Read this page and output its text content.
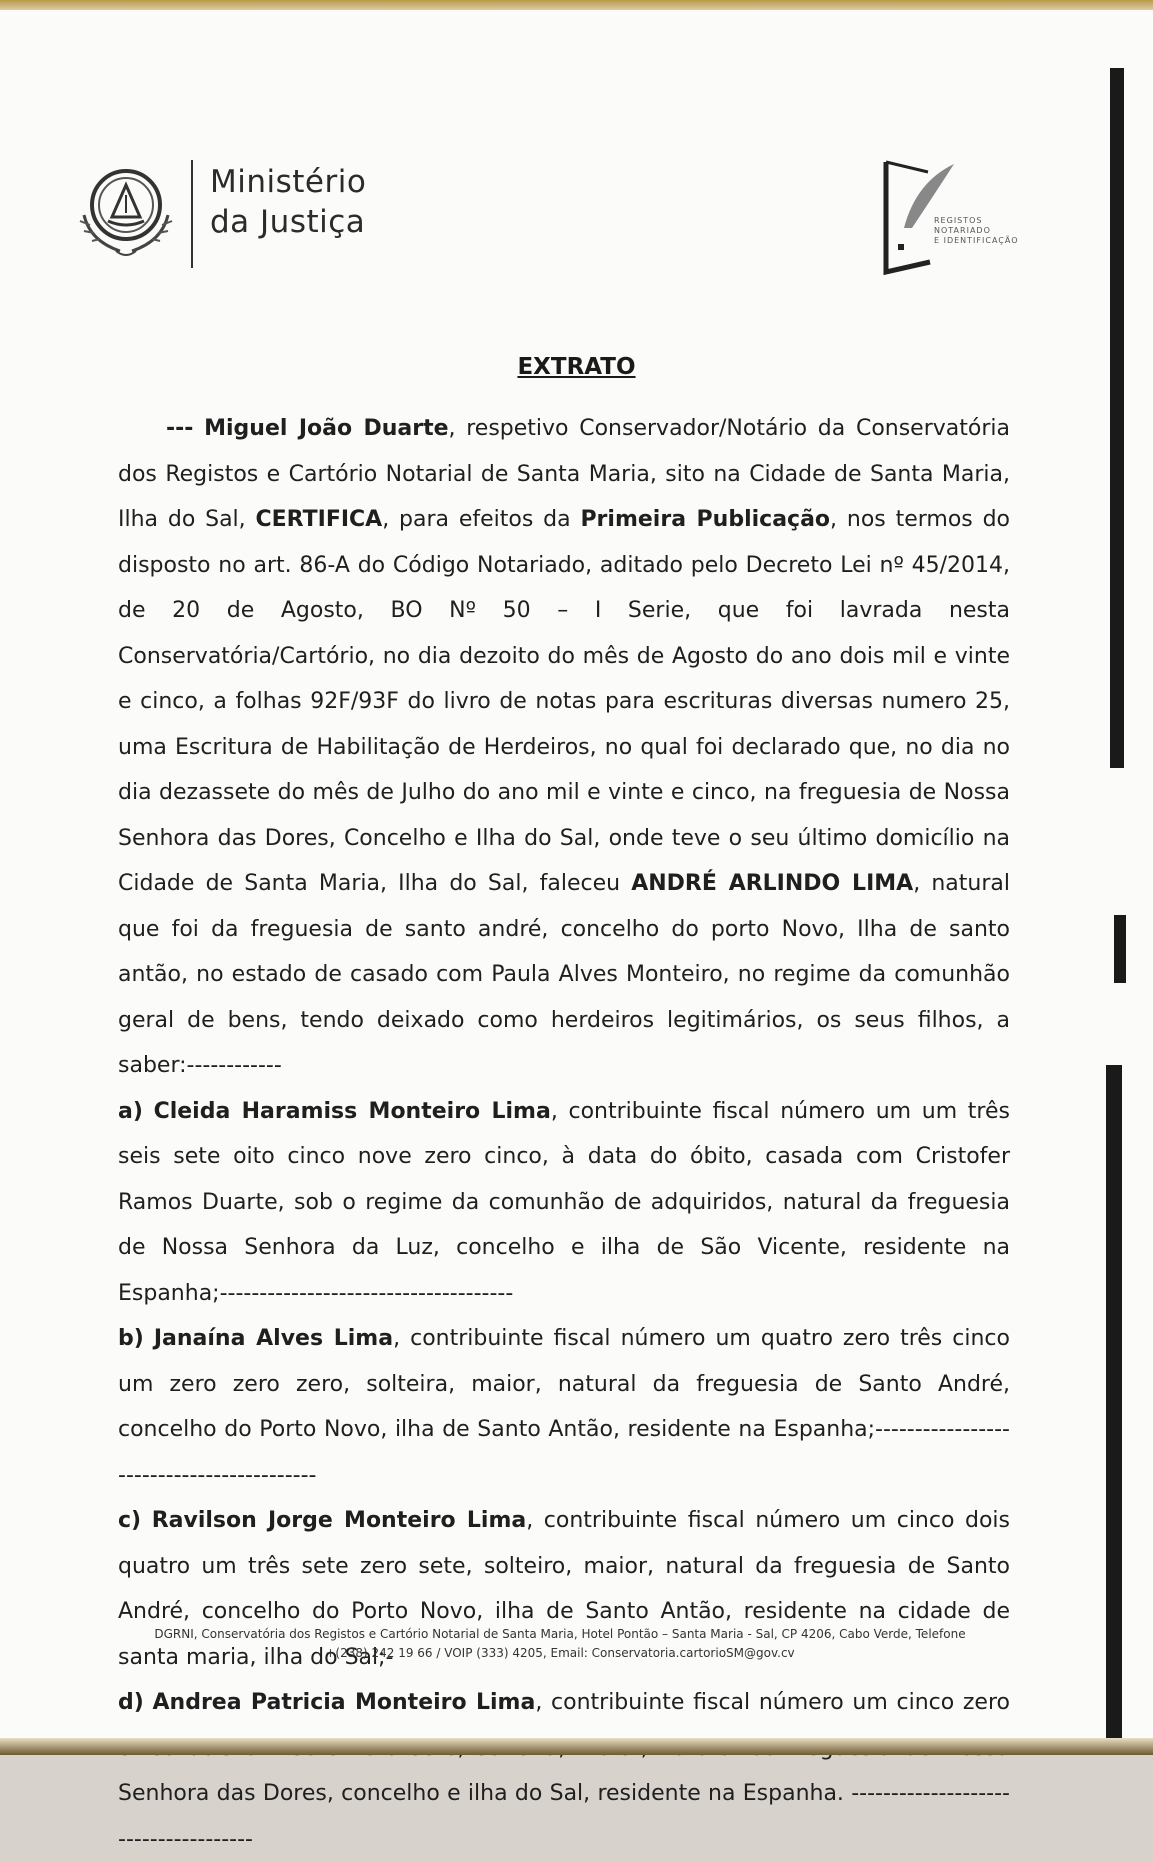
Ministério
da Justiça	REGISTOS
NOTARIADO
E IDENTIFICAÇÃO
EXTRATO

--- Miguel João Duarte, respetivo Conservador/Notário da Conservatória dos Registos e Cartório Notarial de Santa Maria, sito na Cidade de Santa Maria, Ilha do Sal, CERTIFICA, para efeitos da Primeira Publicação, nos termos do disposto no art. 86-A do Código Notariado, aditado pelo Decreto Lei nº 45/2014, de 20 de Agosto, BO Nº 50 – I Serie, que foi lavrada nesta Conservatória/Cartório, no dia dezoito do mês de Agosto do ano dois mil e vinte e cinco, a folhas 92F/93F do livro de notas para escrituras diversas numero 25, uma Escritura de Habilitação de Herdeiros, no qual foi declarado que, no dia no dia dezassete do mês de Julho do ano mil e vinte e cinco, na freguesia de Nossa Senhora das Dores, Concelho e Ilha do Sal, onde teve o seu último domicílio na Cidade de Santa Maria, Ilha do Sal, faleceu ANDRÉ ARLINDO LIMA, natural que foi da freguesia de santo andré, concelho do porto Novo, Ilha de santo antão, no estado de casado com Paula Alves Monteiro, no regime da comunhão geral de bens, tendo deixado como herdeiros legitimários, os seus filhos, a saber:------------

a) Cleida Haramiss Monteiro Lima, contribuinte fiscal número um um três seis sete oito cinco nove zero cinco, à data do óbito, casada com Cristofer Ramos Duarte, sob o regime da comunhão de adquiridos, natural da freguesia de Nossa Senhora da Luz, concelho e ilha de São Vicente, residente na Espanha;-------------------------------------

b) Janaína Alves Lima, contribuinte fiscal número um quatro zero três cinco um zero zero zero, solteira, maior, natural da freguesia de Santo André, concelho do Porto Novo, ilha de Santo Antão, residente na Espanha;------------------------------------------

c) Ravilson Jorge Monteiro Lima, contribuinte fiscal número um cinco dois quatro um três sete zero sete, solteiro, maior, natural da freguesia de Santo André, concelho do Porto Novo, ilha de Santo Antão, residente na cidade de santa maria, ilha do Sal;-

d) Andrea Patricia Monteiro Lima, contribuinte fiscal número um cinco zero Senhora das Dores, concelho e ilha do Sal, residente na Espanha. -------------------------------------

DGRNI, Conservatória dos Registos e Cartório Notarial de Santa Maria, Hotel Pontão – Santa Maria - Sal, CP 4206, Cabo Verde, Telefone
+(238) 242 19 66 / VOIP (333) 4205, Email: Conservatoria.cartorioSM@gov.cv
